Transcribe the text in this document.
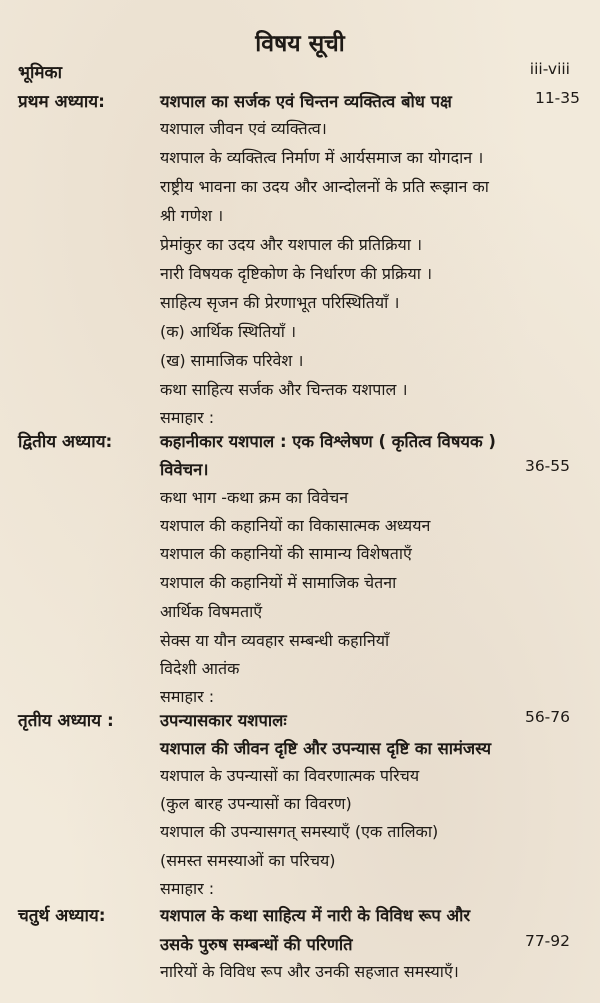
विषय सूची
भूमिका	iii-viii
प्रथम अध्याय:	यशपाल का सर्जक एवं चिन्तन व्यक्तित्व बोध पक्ष	11-35
यशपाल जीवन एवं व्यक्तित्व।
यशपाल के व्यक्तित्व निर्माण में आर्यसमाज का योगदान ।
राष्ट्रीय भावना का उदय और आन्दोलनों के प्रति रूझान का
श्री गणेश ।
प्रेमांकुर का उदय और यशपाल की प्रतिक्रिया ।
नारी विषयक दृष्टिकोण के निर्धारण की प्रक्रिया ।
साहित्य सृजन की प्रेरणाभूत परिस्थितियाँ ।
(क) आर्थिक स्थितियाँ ।
(ख) सामाजिक परिवेश ।
कथा साहित्य सर्जक और चिन्तक यशपाल ।
समाहार :
द्वितीय अध्याय:	कहानीकार यशपाल : एक विश्लेषण ( कृतित्व विषयक )
विवेचन।	36-55
कथा भाग -कथा क्रम का विवेचन
यशपाल की कहानियों का विकासात्मक अध्ययन
यशपाल की कहानियों की सामान्य विशेषताएँ
यशपाल की कहानियों में सामाजिक चेतना
आर्थिक विषमताएँ
सेक्स या यौन व्यवहार सम्बन्धी कहानियाँ
विदेशी आतंक
समाहार :
तृतीय अध्याय :	उपन्यासकार यशपालः	56-76
यशपाल की जीवन दृष्टि और उपन्यास दृष्टि का सामंजस्य
यशपाल के उपन्यासों का विवरणात्मक परिचय
(कुल बारह उपन्यासों का विवरण)
यशपाल की उपन्यासगत् समस्याएँ (एक तालिका)
(समस्त समस्याओं का परिचय)
समाहार :
चतुर्थ अध्याय:	यशपाल के कथा साहित्य में नारी के विविध रूप और
उसके पुरुष सम्बन्धों की परिणति	77-92
नारियों के विविध रूप और उनकी सहजात समस्याएँ।
